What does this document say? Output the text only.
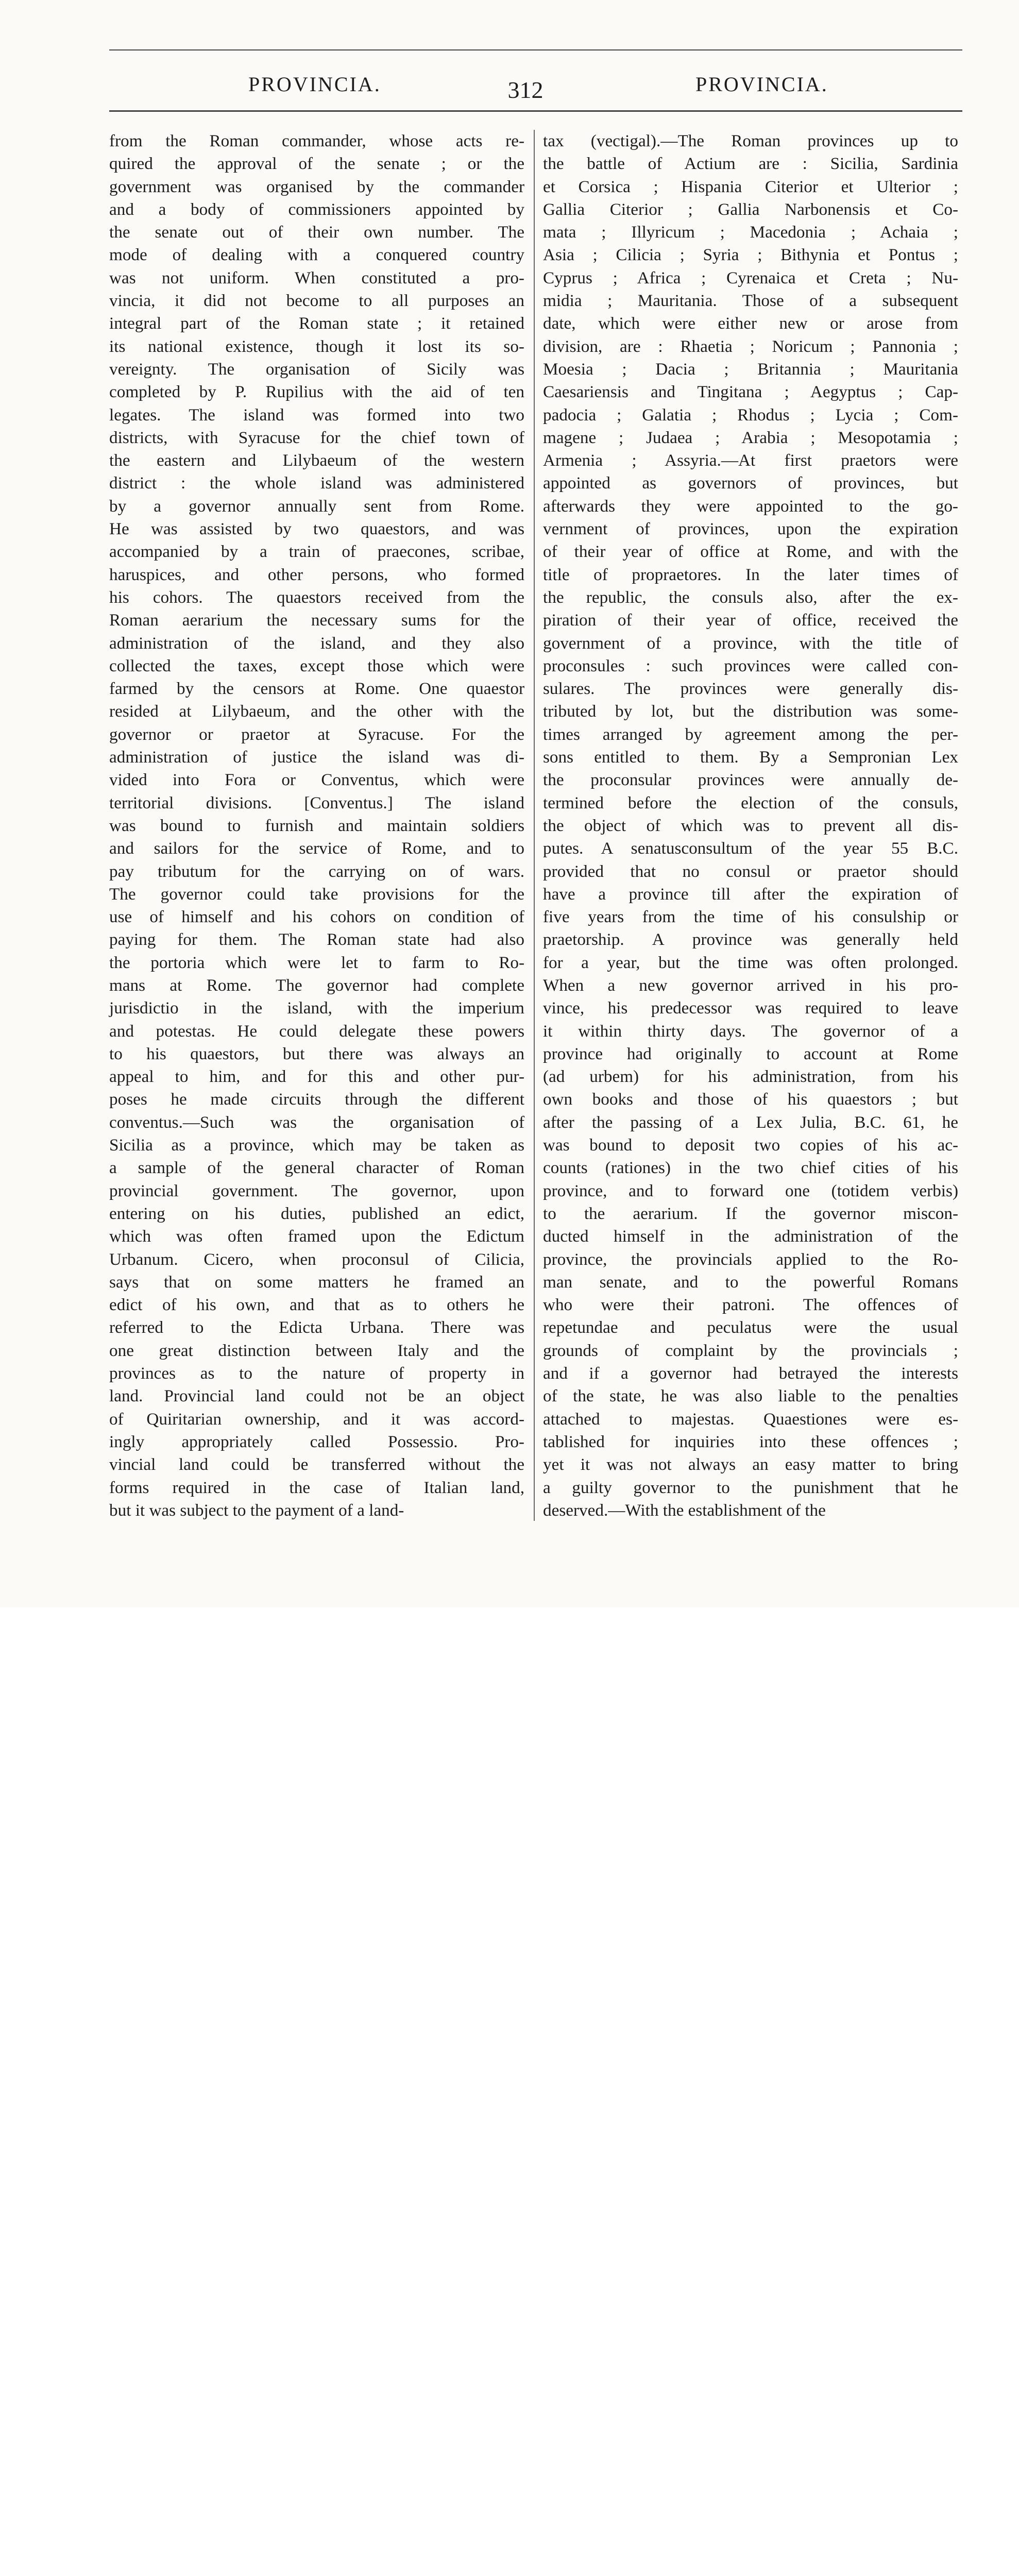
PROVINCIA.	312	PROVINCIA.
from the Roman commander, whose acts re-
quired the approval of the senate ; or the
government was organised by the commander
and a body of commissioners appointed by
the senate out of their own number. The
mode of dealing with a conquered country
was not uniform. When constituted a pro-
vincia, it did not become to all purposes an
integral part of the Roman state ; it retained
its national existence, though it lost its so-
vereignty. The organisation of Sicily was
completed by P. Rupilius with the aid of ten
legates. The island was formed into two
districts, with Syracuse for the chief town of
the eastern and Lilybaeum of the western
district : the whole island was administered
by a governor annually sent from Rome.
He was assisted by two quaestors, and was
accompanied by a train of praecones, scribae,
haruspices, and other persons, who formed
his cohors. The quaestors received from the
Roman aerarium the necessary sums for the
administration of the island, and they also
collected the taxes, except those which were
farmed by the censors at Rome. One quaestor
resided at Lilybaeum, and the other with the
governor or praetor at Syracuse. For the
administration of justice the island was di-
vided into Fora or Conventus, which were
territorial divisions. [Conventus.] The island
was bound to furnish and maintain soldiers
and sailors for the service of Rome, and to
pay tributum for the carrying on of wars.
The governor could take provisions for the
use of himself and his cohors on condition of
paying for them. The Roman state had also
the portoria which were let to farm to Ro-
mans at Rome. The governor had complete
jurisdictio in the island, with the imperium
and potestas. He could delegate these powers
to his quaestors, but there was always an
appeal to him, and for this and other pur-
poses he made circuits through the different
conventus.—Such was the organisation of
Sicilia as a province, which may be taken as
a sample of the general character of Roman
provincial government. The governor, upon
entering on his duties, published an edict,
which was often framed upon the Edictum
Urbanum. Cicero, when proconsul of Cilicia,
says that on some matters he framed an
edict of his own, and that as to others he
referred to the Edicta Urbana. There was
one great distinction between Italy and the
provinces as to the nature of property in
land. Provincial land could not be an object
of Quiritarian ownership, and it was accord-
ingly appropriately called Possessio. Pro-
vincial land could be transferred without the
forms required in the case of Italian land,
but it was subject to the payment of a land-
tax (vectigal).—The Roman provinces up to
the battle of Actium are : Sicilia, Sardinia
et Corsica ; Hispania Citerior et Ulterior ;
Gallia Citerior ; Gallia Narbonensis et Co-
mata ; Illyricum ; Macedonia ; Achaia ;
Asia ; Cilicia ; Syria ; Bithynia et Pontus ;
Cyprus ; Africa ; Cyrenaica et Creta ; Nu-
midia ; Mauritania. Those of a subsequent
date, which were either new or arose from
division, are : Rhaetia ; Noricum ; Pannonia ;
Moesia ; Dacia ; Britannia ; Mauritania
Caesariensis and Tingitana ; Aegyptus ; Cap-
padocia ; Galatia ; Rhodus ; Lycia ; Com-
magene ; Judaea ; Arabia ; Mesopotamia ;
Armenia ; Assyria.—At first praetors were
appointed as governors of provinces, but
afterwards they were appointed to the go-
vernment of provinces, upon the expiration
of their year of office at Rome, and with the
title of propraetores. In the later times of
the republic, the consuls also, after the ex-
piration of their year of office, received the
government of a province, with the title of
proconsules : such provinces were called con-
sulares. The provinces were generally dis-
tributed by lot, but the distribution was some-
times arranged by agreement among the per-
sons entitled to them. By a Sempronian Lex
the proconsular provinces were annually de-
termined before the election of the consuls,
the object of which was to prevent all dis-
putes. A senatusconsultum of the year 55 B.C.
provided that no consul or praetor should
have a province till after the expiration of
five years from the time of his consulship or
praetorship. A province was generally held
for a year, but the time was often prolonged.
When a new governor arrived in his pro-
vince, his predecessor was required to leave
it within thirty days. The governor of a
province had originally to account at Rome
(ad urbem) for his administration, from his
own books and those of his quaestors ; but
after the passing of a Lex Julia, B.C. 61, he
was bound to deposit two copies of his ac-
counts (rationes) in the two chief cities of his
province, and to forward one (totidem verbis)
to the aerarium. If the governor miscon-
ducted himself in the administration of the
province, the provincials applied to the Ro-
man senate, and to the powerful Romans
who were their patroni. The offences of
repetundae and peculatus were the usual
grounds of complaint by the provincials ;
and if a governor had betrayed the interests
of the state, he was also liable to the penalties
attached to majestas. Quaestiones were es-
tablished for inquiries into these offences ;
yet it was not always an easy matter to bring
a guilty governor to the punishment that he
deserved.—With the establishment of the
